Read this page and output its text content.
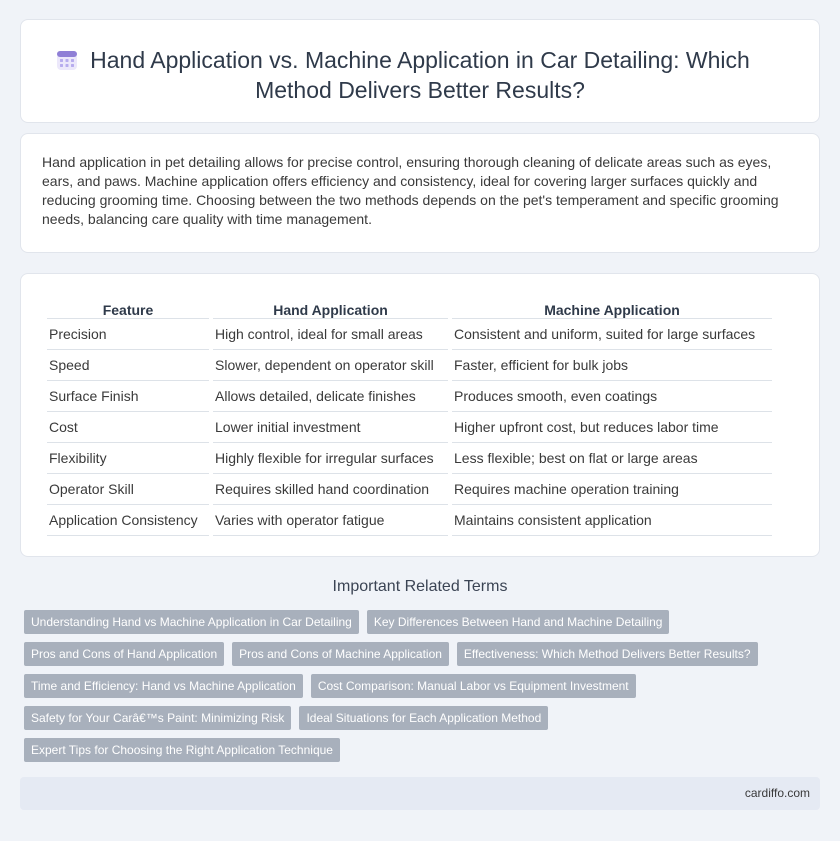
Hand Application vs. Machine Application in Car Detailing: Which
Method Delivers Better Results?

Hand application in pet detailing allows for precise control, ensuring thorough cleaning of delicate areas such as eyes, ears, and paws. Machine application offers efficiency and consistency, ideal for covering larger surfaces quickly and reducing grooming time. Choosing between the two methods depends on the pet's temperament and specific grooming needs, balancing care quality with time management.

Feature	Hand Application	Machine Application
Precision	High control, ideal for small areas	Consistent and uniform, suited for large surfaces
Speed	Slower, dependent on operator skill	Faster, efficient for bulk jobs
Surface Finish	Allows detailed, delicate finishes	Produces smooth, even coatings
Cost	Lower initial investment	Higher upfront cost, but reduces labor time
Flexibility	Highly flexible for irregular surfaces	Less flexible; best on flat or large areas
Operator Skill	Requires skilled hand coordination	Requires machine operation training
Application Consistency	Varies with operator fatigue	Maintains consistent application
Important Related Terms
Understanding Hand vs Machine Application in Car Detailing	Key Differences Between Hand and Machine Detailing
Pros and Cons of Hand Application	Pros and Cons of Machine Application	Effectiveness: Which Method Delivers Better Results?
Time and Efficiency: Hand vs Machine Application	Cost Comparison: Manual Labor vs Equipment Investment
Safety for Your Carâ€™s Paint: Minimizing Risk	Ideal Situations for Each Application Method
Expert Tips for Choosing the Right Application Technique
cardiffo.com
